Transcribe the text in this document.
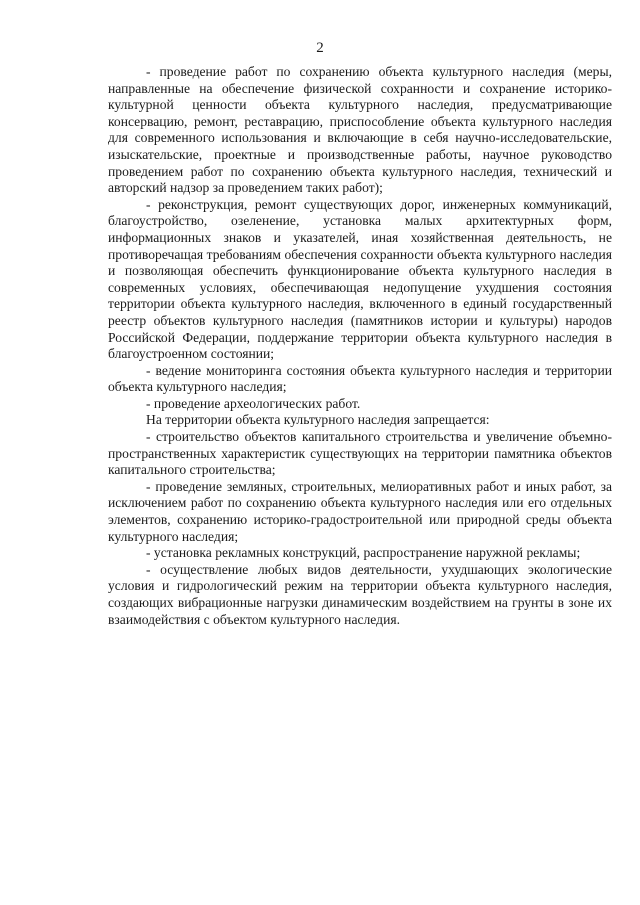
2

- проведение работ по сохранению объекта культурного наследия (меры, направленные на обеспечение физической сохранности и сохранение историко-культурной ценности объекта культурного наследия, предусматривающие консервацию, ремонт, реставрацию, приспособление объекта культурного наследия для современного использования и включающие в себя научно-исследовательские, изыскательские, проектные и производственные работы, научное руководство проведением работ по сохранению объекта культурного наследия, технический и авторский надзор за проведением таких работ);

- реконструкция, ремонт существующих дорог, инженерных коммуникаций, благоустройство, озеленение, установка малых архитектурных форм, информационных знаков и указателей, иная хозяйственная деятельность, не противоречащая требованиям обеспечения сохранности объекта культурного наследия и позволяющая обеспечить функционирование объекта культурного наследия в современных условиях, обеспечивающая недопущение ухудшения состояния территории объекта культурного наследия, включенного в единый государственный реестр объектов культурного наследия (памятников истории и культуры) народов Российской Федерации, поддержание территории объекта культурного наследия в благоустроенном состоянии;

- ведение мониторинга состояния объекта культурного наследия и территории объекта культурного наследия;

- проведение археологических работ.

На территории объекта культурного наследия запрещается:

- строительство объектов капитального строительства и увеличение объемно-пространственных характеристик существующих на территории памятника объектов капитального строительства;

- проведение земляных, строительных, мелиоративных работ и иных работ, за исключением работ по сохранению объекта культурного наследия или его отдельных элементов, сохранению историко-градостроительной или природной среды объекта культурного наследия;

- установка рекламных конструкций, распространение наружной рекламы;

- осуществление любых видов деятельности, ухудшающих экологические условия и гидрологический режим на территории объекта культурного наследия, создающих вибрационные нагрузки динамическим воздействием на грунты в зоне их взаимодействия с объектом культурного наследия.
